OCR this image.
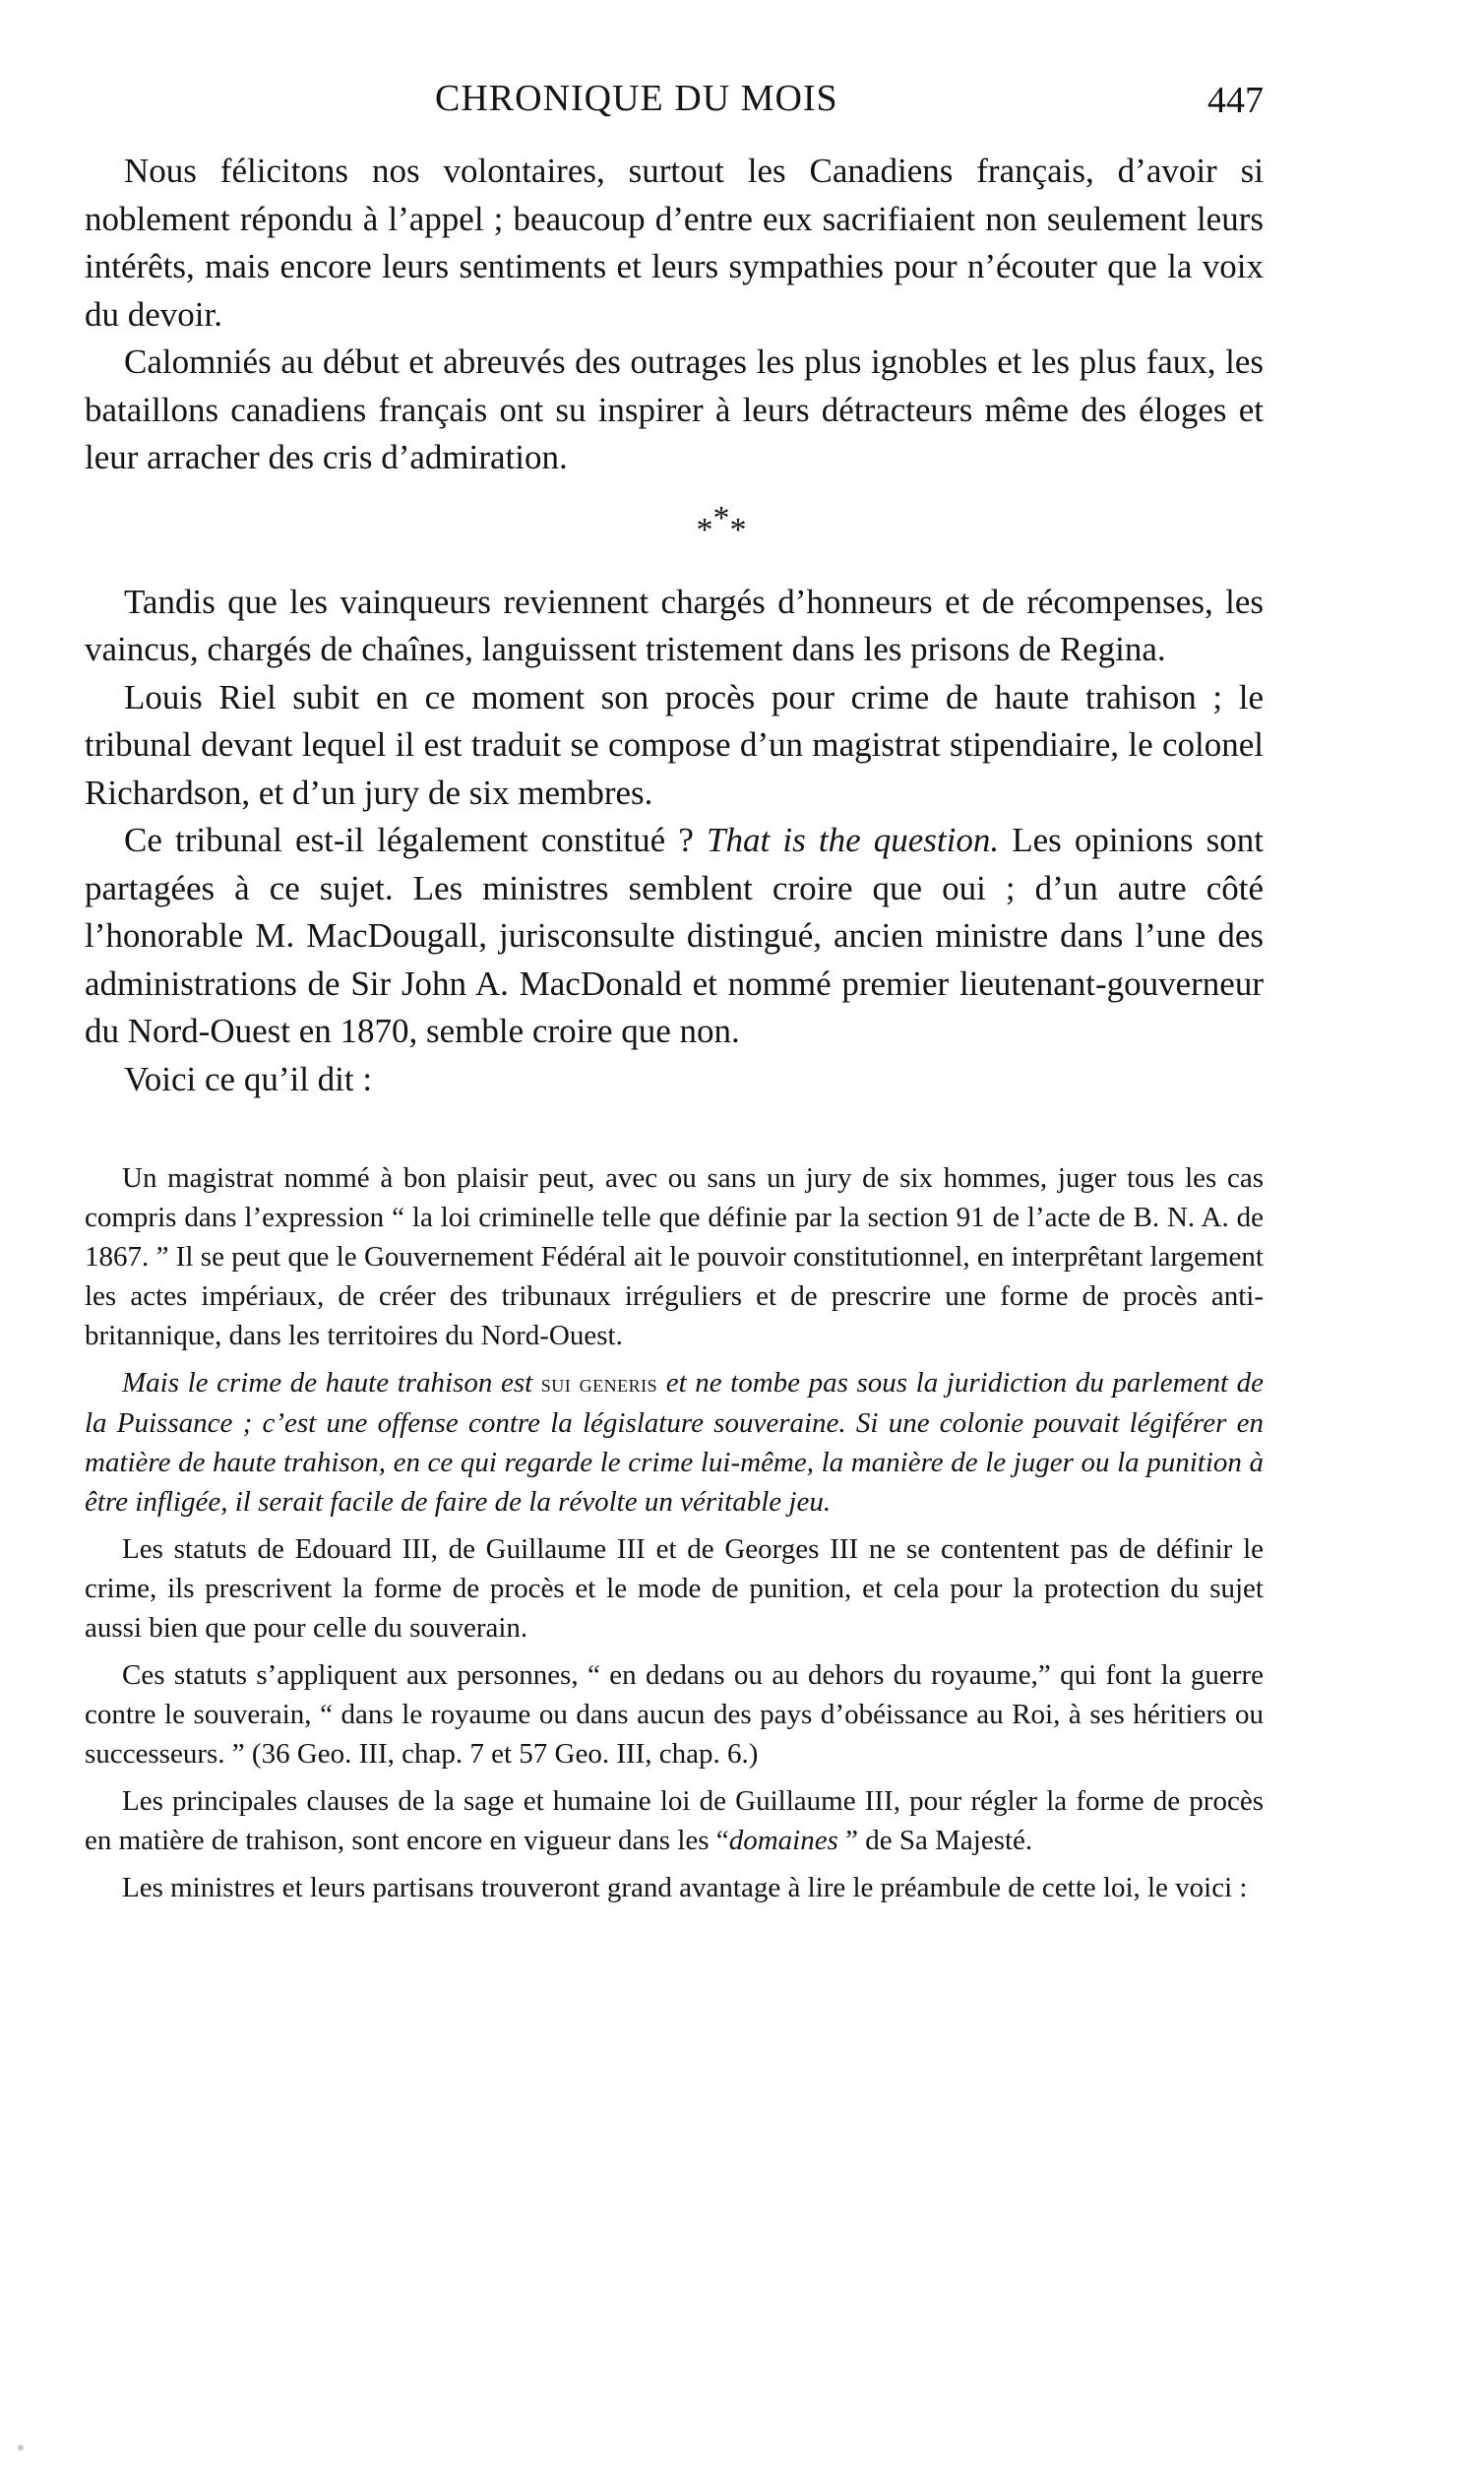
CHRONIQUE DU MOIS	447

Nous félicitons nos volontaires, surtout les Canadiens français, d’avoir si noblement répondu à l’appel ; beaucoup d’entre eux sacrifiaient non seulement leurs intérêts, mais encore leurs sentiments et leurs sympathies pour n’écouter que la voix du devoir.

Calomniés au début et abreuvés des outrages les plus ignobles et les plus faux, les bataillons canadiens français ont su inspirer à leurs détracteurs même des éloges et leur arracher des cris d’admiration.

***

Tandis que les vainqueurs reviennent chargés d’honneurs et de récompenses, les vaincus, chargés de chaînes, languissent tristement dans les prisons de Regina.

Louis Riel subit en ce moment son procès pour crime de haute trahison ; le tribunal devant lequel il est traduit se compose d’un magistrat stipendiaire, le colonel Richardson, et d’un jury de six membres.

Ce tribunal est-il légalement constitué ? That is the question. Les opinions sont partagées à ce sujet. Les ministres semblent croire que oui ; d’un autre côté l’honorable M. MacDougall, jurisconsulte distingué, ancien ministre dans l’une des administrations de Sir John A. MacDonald et nommé premier lieutenant-gouverneur du Nord-Ouest en 1870, semble croire que non.

Voici ce qu’il dit :

Un magistrat nommé à bon plaisir peut, avec ou sans un jury de six hommes, juger tous les cas compris dans l’expression “ la loi criminelle telle que définie par la section 91 de l’acte de B. N. A. de 1867. ” Il se peut que le Gouvernement Fédéral ait le pouvoir constitutionnel, en interprêtant largement les actes impériaux, de créer des tribunaux irréguliers et de prescrire une forme de procès anti-britannique, dans les territoires du Nord-Ouest.

Mais le crime de haute trahison est sui generis et ne tombe pas sous la juridiction du parlement de la Puissance ; c’est une offense contre la législature souveraine. Si une colonie pouvait légiférer en matière de haute trahison, en ce qui regarde le crime lui-même, la manière de le juger ou la punition à être infligée, il serait facile de faire de la révolte un véritable jeu.

Les statuts de Edouard III, de Guillaume III et de Georges III ne se contentent pas de définir le crime, ils prescrivent la forme de procès et le mode de punition, et cela pour la protection du sujet aussi bien que pour celle du souverain.

Ces statuts s’appliquent aux personnes, “ en dedans ou au dehors du royaume,” qui font la guerre contre le souverain, “ dans le royaume ou dans aucun des pays d’obéissance au Roi, à ses héritiers ou successeurs. ” (36 Geo. III, chap. 7 et 57 Geo. III, chap. 6.)

Les principales clauses de la sage et humaine loi de Guillaume III, pour régler la forme de procès en matière de trahison, sont encore en vigueur dans les “domaines ” de Sa Majesté.

Les ministres et leurs partisans trouveront grand avantage à lire le préambule de cette loi, le voici :
